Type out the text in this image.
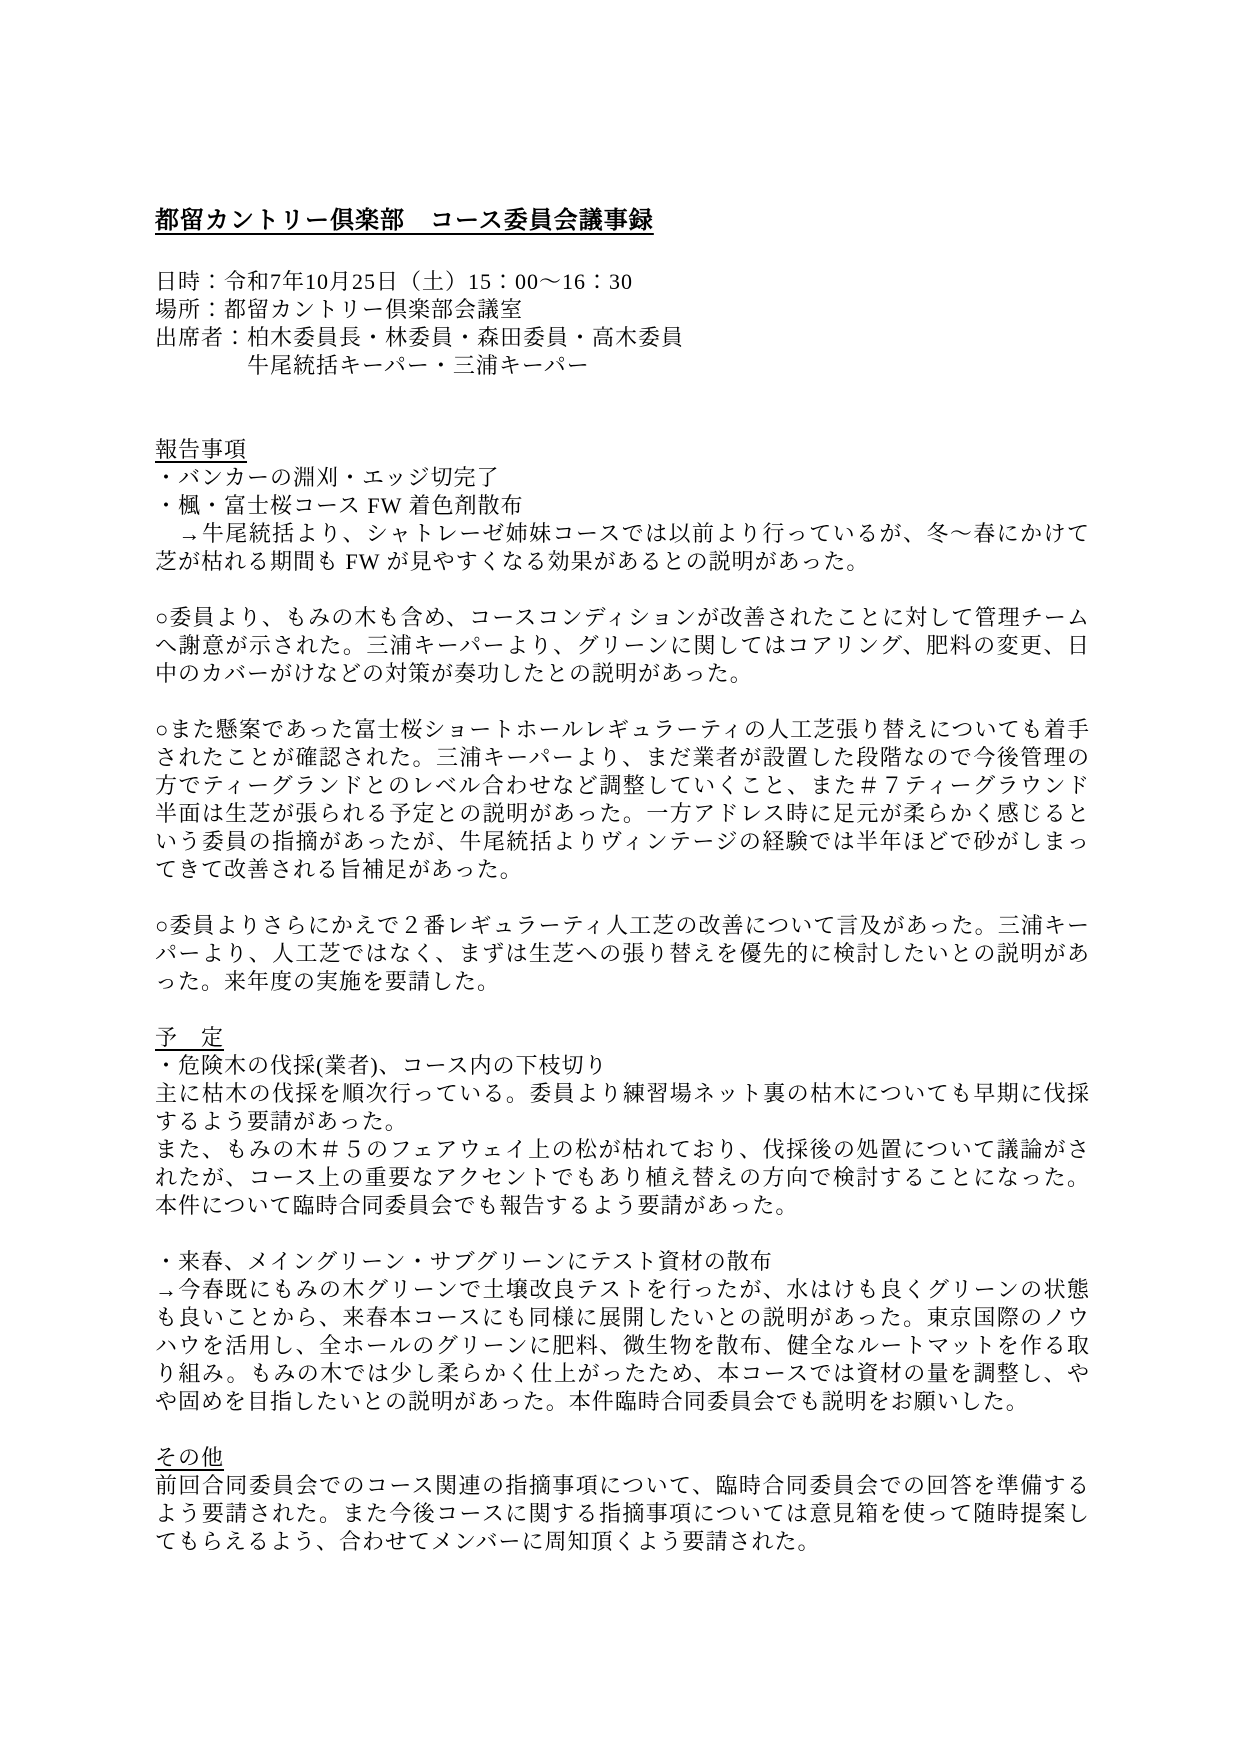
都留カントリー倶楽部　コース委員会議事録
日時：令和7年10月25日（土）15：00～16：30
場所：都留カントリー倶楽部会議室
出席者：柏木委員長・林委員・森田委員・高木委員
牛尾統括キーパー・三浦キーパー
報告事項
・バンカーの淵刈・エッジ切完了
・楓・富士桜コース FW 着色剤散布
　→牛尾統括より、シャトレーゼ姉妹コースでは以前より行っているが、冬～春にかけて芝が枯れる期間も FW が見やすくなる効果があるとの説明があった。
○委員より、もみの木も含め、コースコンディションが改善されたことに対して管理チームへ謝意が示された。三浦キーパーより、グリーンに関してはコアリング、肥料の変更、日中のカバーがけなどの対策が奏功したとの説明があった。
○また懸案であった富士桜ショートホールレギュラーティの人工芝張り替えについても着手されたことが確認された。三浦キーパーより、まだ業者が設置した段階なので今後管理の方でティーグランドとのレベル合わせなど調整していくこと、また＃７ティーグラウンド半面は生芝が張られる予定との説明があった。一方アドレス時に足元が柔らかく感じるという委員の指摘があったが、牛尾統括よりヴィンテージの経験では半年ほどで砂がしまってきて改善される旨補足があった。
○委員よりさらにかえで２番レギュラーティ人工芝の改善について言及があった。三浦キーパーより、人工芝ではなく、まずは生芝への張り替えを優先的に検討したいとの説明があった。来年度の実施を要請した。
予　定
・危険木の伐採(業者)、コース内の下枝切り
主に枯木の伐採を順次行っている。委員より練習場ネット裏の枯木についても早期に伐採するよう要請があった。
また、もみの木＃５のフェアウェイ上の松が枯れており、伐採後の処置について議論がされたが、コース上の重要なアクセントでもあり植え替えの方向で検討することになった。本件について臨時合同委員会でも報告するよう要請があった。
・来春、メイングリーン・サブグリーンにテスト資材の散布
→今春既にもみの木グリーンで土壌改良テストを行ったが、水はけも良くグリーンの状態も良いことから、来春本コースにも同様に展開したいとの説明があった。東京国際のノウハウを活用し、全ホールのグリーンに肥料、微生物を散布、健全なルートマットを作る取り組み。もみの木では少し柔らかく仕上がったため、本コースでは資材の量を調整し、やや固めを目指したいとの説明があった。本件臨時合同委員会でも説明をお願いした。
その他
前回合同委員会でのコース関連の指摘事項について、臨時合同委員会での回答を準備するよう要請された。また今後コースに関する指摘事項については意見箱を使って随時提案してもらえるよう、合わせてメンバーに周知頂くよう要請された。
